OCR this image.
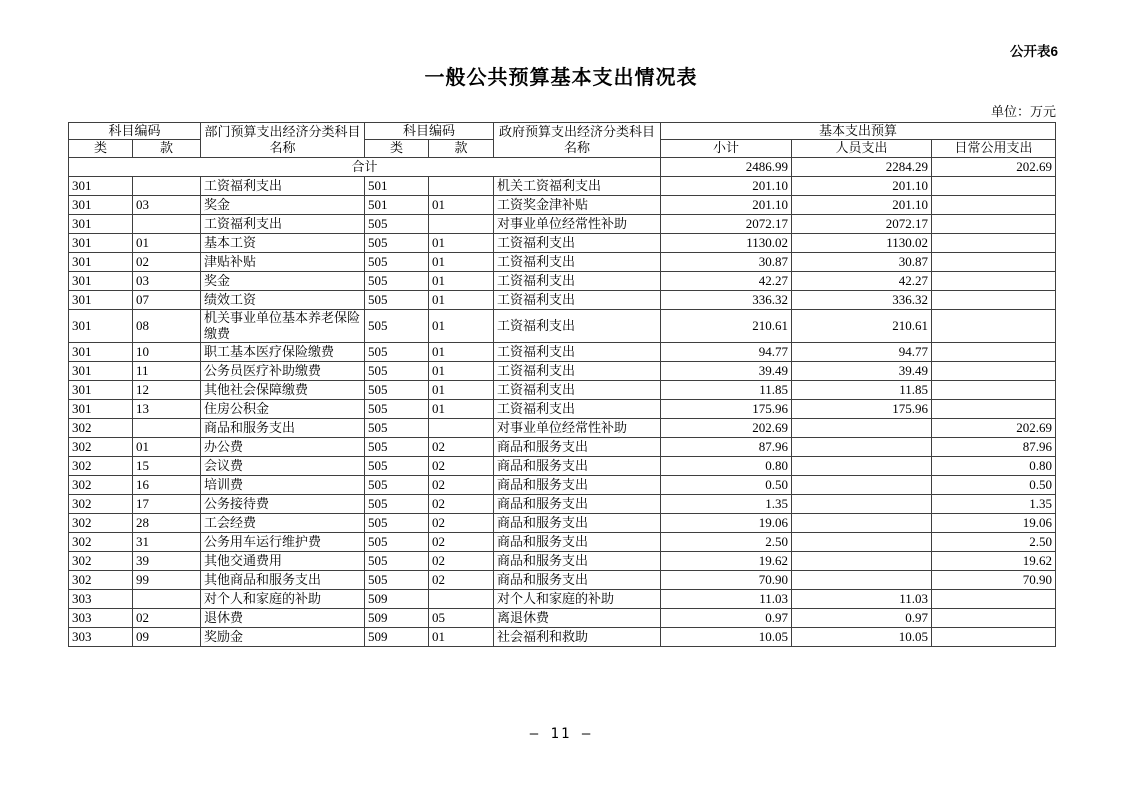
公开表6
一般公共预算基本支出情况表
单位：万元
科目编码		部门预算支出经济分类科目名称	科目编码		政府预算支出经济分类科目名称	基本支出预算		
类	款		类	款		小计	人员支出	日常公用支出
合计						2486.99	2284.29	202.69
301		工资福利支出	501		机关工资福利支出	201.10	201.10	
301	03	奖金	501	01	工资奖金津补贴	201.10	201.10	
301		工资福利支出	505		对事业单位经常性补助	2072.17	2072.17	
301	01	基本工资	505	01	工资福利支出	1130.02	1130.02	
301	02	津贴补贴	505	01	工资福利支出	30.87	30.87	
301	03	奖金	505	01	工资福利支出	42.27	42.27	
301	07	绩效工资	505	01	工资福利支出	336.32	336.32	
301	08	机关事业单位基本养老保险缴费	505	01	工资福利支出	210.61	210.61	
301	10	职工基本医疗保险缴费	505	01	工资福利支出	94.77	94.77	
301	11	公务员医疗补助缴费	505	01	工资福利支出	39.49	39.49	
301	12	其他社会保障缴费	505	01	工资福利支出	11.85	11.85	
301	13	住房公积金	505	01	工资福利支出	175.96	175.96	
302		商品和服务支出	505		对事业单位经常性补助	202.69		202.69
302	01	办公费	505	02	商品和服务支出	87.96		87.96
302	15	会议费	505	02	商品和服务支出	0.80		0.80
302	16	培训费	505	02	商品和服务支出	0.50		0.50
302	17	公务接待费	505	02	商品和服务支出	1.35		1.35
302	28	工会经费	505	02	商品和服务支出	19.06		19.06
302	31	公务用车运行维护费	505	02	商品和服务支出	2.50		2.50
302	39	其他交通费用	505	02	商品和服务支出	19.62		19.62
302	99	其他商品和服务支出	505	02	商品和服务支出	70.90		70.90
303		对个人和家庭的补助	509		对个人和家庭的补助	11.03	11.03	
303	02	退休费	509	05	离退休费	0.97	0.97	
303	09	奖励金	509	01	社会福利和救助	10.05	10.05	
— 11 —
